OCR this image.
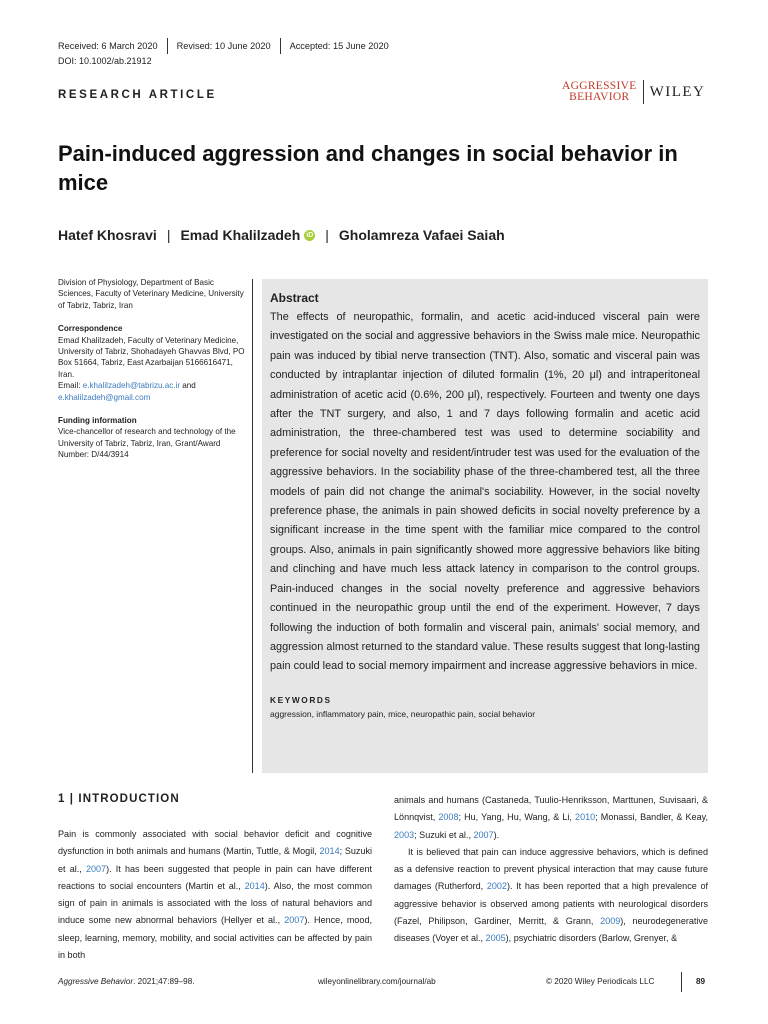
Received: 6 March 2020	Revised: 10 June 2020	Accepted: 15 June 2020
DOI: 10.1002/ab.21912
RESEARCH ARTICLE
AGGRESSIVE
BEHAVIOR	WILEY
Pain-induced aggression and changes in social behavior in mice
Hatef Khosravi | Emad Khalilzadeh iD | Gholamreza Vafaei Saiah
Division of Physiology, Department of Basic Sciences, Faculty of Veterinary Medicine, University of Tabriz, Tabriz, Iran
Correspondence
Emad Khalilzadeh, Faculty of Veterinary Medicine, University of Tabriz, Shohadayeh Ghavvas Blvd, PO Box 51664, Tabriz, East Azarbaijan 5166616471, Iran.
Email: e.khalilzadeh@tabrizu.ac.ir and e.khalilzadeh@gmail.com
Funding information
Vice-chancellor of research and technology of the University of Tabriz, Tabriz, Iran, Grant/Award Number: D/44/3914
Abstract
The effects of neuropathic, formalin, and acetic acid-induced visceral pain were investigated on the social and aggressive behaviors in the Swiss male mice. Neuropathic pain was induced by tibial nerve transection (TNT). Also, somatic and visceral pain was conducted by intraplantar injection of diluted formalin (1%, 20 μl) and intraperitoneal administration of acetic acid (0.6%, 200 μl), respectively. Fourteen and twenty one days after the TNT surgery, and also, 1 and 7 days following formalin and acetic acid administration, the three-chambered test was used to determine sociability and preference for social novelty and resident/intruder test was used for the evaluation of the aggressive behaviors. In the sociability phase of the three-chambered test, all the three models of pain did not change the animal's sociability. However, in the social novelty preference phase, the animals in pain showed deficits in social novelty preference by a significant increase in the time spent with the familiar mice compared to the control groups. Also, animals in pain significantly showed more aggressive behaviors like biting and clinching and have much less attack latency in comparison to the control groups. Pain-induced changes in the social novelty preference and aggressive behaviors continued in the neuropathic group until the end of the experiment. However, 7 days following the induction of both formalin and visceral pain, animals' social memory, and aggression almost returned to the standard value. These results suggest that long-lasting pain could lead to social memory impairment and increase aggressive behaviors in mice.
KEYWORDS
aggression, inflammatory pain, mice, neuropathic pain, social behavior
1 | INTRODUCTION

Pain is commonly associated with social behavior deficit and cognitive dysfunction in both animals and humans (Martin, Tuttle, & Mogil, 2014; Suzuki et al., 2007). It has been suggested that people in pain can have different reactions to social encounters (Martin et al., 2014). Also, the most common sign of pain in animals is associated with the loss of natural behaviors and induce some new abnormal behaviors (Hellyer et al., 2007). Hence, mood, sleep, learning, memory, mobility, and social activities can be affected by pain in both

animals and humans (Castaneda, Tuulio-Henriksson, Marttunen, Suvisaari, & Lönnqvist, 2008; Hu, Yang, Hu, Wang, & Li, 2010; Monassi, Bandler, & Keay, 2003; Suzuki et al., 2007).

It is believed that pain can induce aggressive behaviors, which is defined as a defensive reaction to prevent physical interaction that may cause future damages (Rutherford, 2002). It has been reported that a high prevalence of aggressive behavior is observed among patients with neurological disorders (Fazel, Philipson, Gardiner, Merritt, & Grann, 2009), neurodegenerative diseases (Voyer et al., 2005), psychiatric disorders (Barlow, Grenyer, &

Aggressive Behavior. 2021;47:89–98.	wileyonlinelibrary.com/journal/ab	© 2020 Wiley Periodicals LLC	89
